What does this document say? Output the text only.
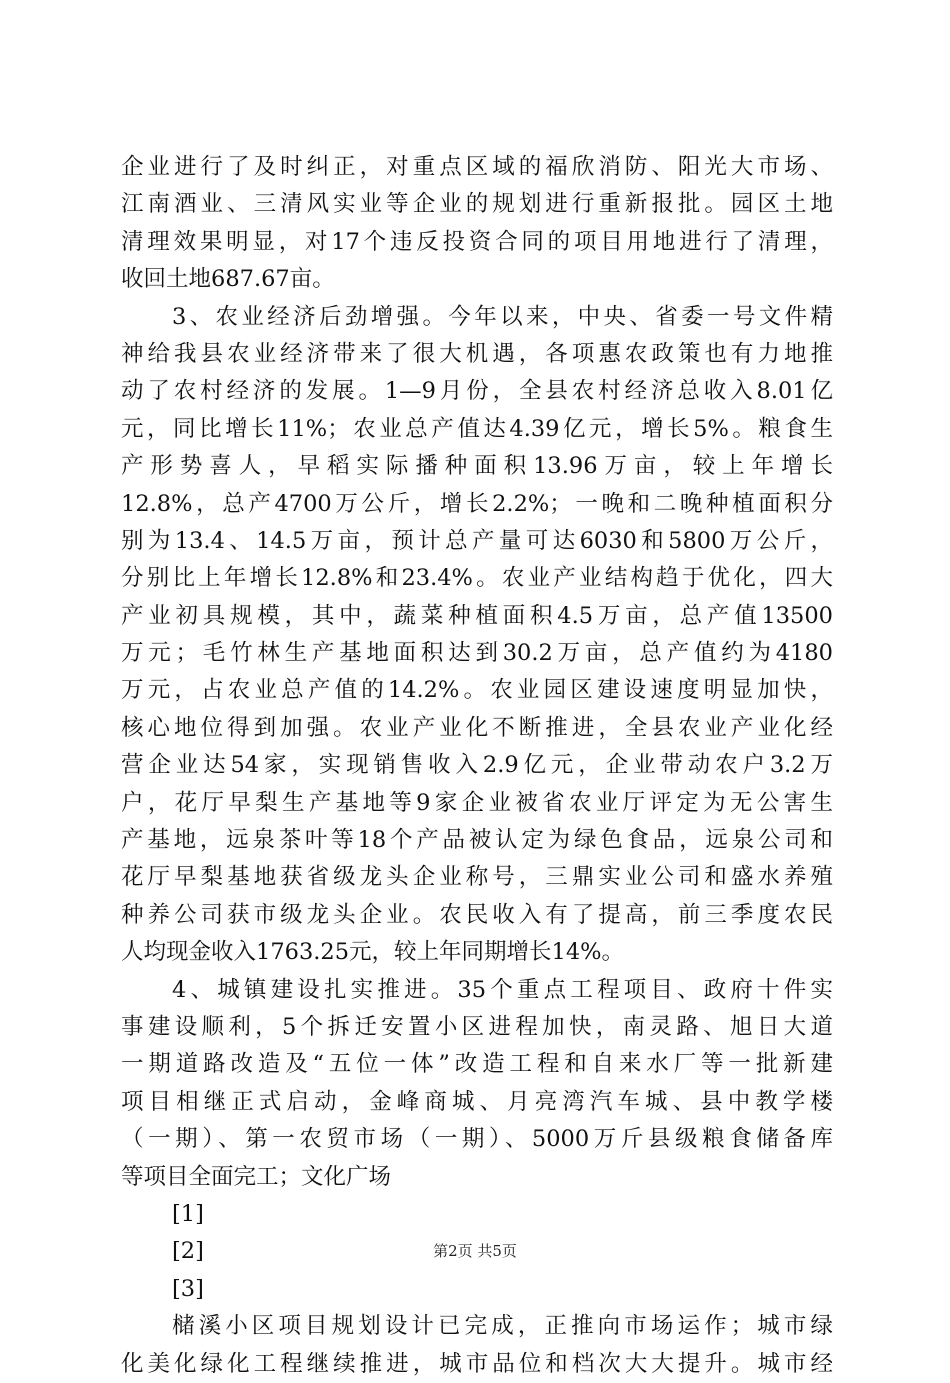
企业进行了及时纠正，对重点区域的福欣消防、阳光大市场、
江南酒业、三清风实业等企业的规划进行重新报批。园区土地
清理效果明显，对17个违反投资合同的项目用地进行了清理，
收回土地687.67亩。
3、农业经济后劲增强。今年以来，中央、省委一号文件精
神给我县农业经济带来了很大机遇，各项惠农政策也有力地推
动了农村经济的发展。1—9月份，全县农村经济总收入8.01亿
元，同比增长11%；农业总产值达4.39亿元，增长5%。粮食生
产形势喜人，早稻实际播种面积13.96万亩，较上年增长
12.8%，总产4700万公斤，增长2.2%；一晚和二晚种植面积分
别为13.4、14.5万亩，预计总产量可达6030和5800万公斤，
分别比上年增长12.8%和23.4%。农业产业结构趋于优化，四大
产业初具规模，其中，蔬菜种植面积4.5万亩，总产值13500
万元；毛竹林生产基地面积达到30.2万亩，总产值约为4180
万元，占农业总产值的14.2%。农业园区建设速度明显加快，
核心地位得到加强。农业产业化不断推进，全县农业产业化经
营企业达54家，实现销售收入2.9亿元，企业带动农户3.2万
户，花厅早梨生产基地等9家企业被省农业厅评定为无公害生
产基地，远泉茶叶等18个产品被认定为绿色食品，远泉公司和
花厅早梨基地获省级龙头企业称号，三鼎实业公司和盛水养殖
种养公司获市级龙头企业。农民收入有了提高，前三季度农民
人均现金收入1763.25元，较上年同期增长14%。
4、城镇建设扎实推进。35个重点工程项目、政府十件实
事建设顺利，5个拆迁安置小区进程加快，南灵路、旭日大道
一期道路改造及“五位一体”改造工程和自来水厂等一批新建
项目相继正式启动，金峰商城、月亮湾汽车城、县中教学楼
（一期）、第一农贸市场（一期）、5000万斤县级粮食储备库
等项目全面完工；文化广场
[1]
[2]
[3]
槠溪小区项目规划设计已完成，正推向市场运作；城市绿
化美化绿化工程继续推进，城市品位和档次大大提升。城市经
第2页 共5页
